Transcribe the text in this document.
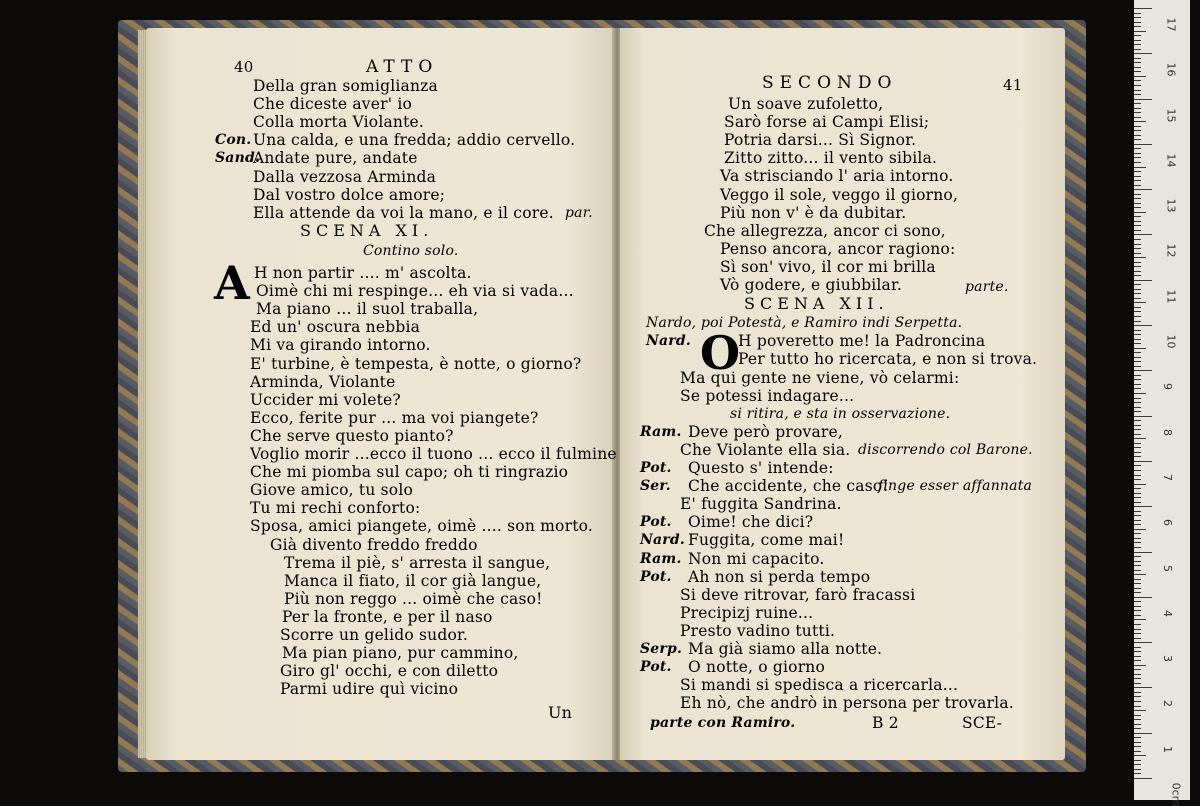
40	ATTO
Della gran somiglianza
Che diceste aver' io
Colla morta Violante.
Con. Una calda, e una fredda; addio cervello.
Sand.
Andate pure, andate
Dalla vezzosa Arminda
Dal vostro dolce amore;
Ella attende da voi la mano, e il core. par.
SCENA XI.
Contino solo.
A H non partir .... m' ascolta.
Oimè chi mi respinge... eh via si vada...
Ma piano ... il suol traballa,
Ed un' oscura nebbia
Mi va girando intorno.
E' turbine, è tempesta, è notte, o giorno?
Arminda, Violante
Uccider mi volete?
Ecco, ferite pur ... ma voi piangete?
Che serve questo pianto?
Voglio morir ...ecco il tuono ... ecco il fulmine
Che mi piomba sul capo; oh ti ringrazio
Giove amico, tu solo
Tu mi rechi conforto:
Sposa, amici piangete, oimè .... son morto.
Già divento freddo freddo
Trema il piè, s' arresta il sangue,
Manca il fiato, il cor già langue,
Più non reggo ... oimè che caso!
Per la fronte, e per il naso
Scorre un gelido sudor.
Ma pian piano, pur cammino,
Giro gl' occhi, e con diletto
Parmi udire quì vicino
Un
SECONDO	41
Un soave zufoletto,
Sarò forse ai Campi Elisi;
Potria darsi... Sì Signor.
Zitto zitto... il vento sibila.
Va strisciando l' aria intorno.
Veggo il sole, veggo il giorno,
Più non v' è da dubitar.
Che allegrezza, ancor ci sono,
Penso ancora, ancor ragiono:
Sì son' vivo, il cor mi brilla
Vò godere, e giubbilar.	parte.
SCENA XII.
Nardo, poi Potestà, e Ramiro indi Serpetta.
Nard. O
H poveretto me! la Padroncina
Per tutto ho ricercata, e non si trova.
Ma qui gente ne viene, vò celarmi:
Se potessi indagare...
si ritira, e sta in osservazione.
Ram. Deve però provare,
Che Violante ella sia. discorrendo col Barone.
Pot. Questo s' intende:
Ser. Che accidente, che caso!
finge esser affannata
E' fuggita Sandrina.
Pot. Oime! che dici?
Nard. Fuggita, come mai!
Ram. Non mi capacito.
Pot. Ah non si perda tempo
Si deve ritrovar, farò fracassi
Precipizj ruine...
Presto vadino tutti.
Serp. Ma già siamo alla notte.
Pot. O notte, o giorno
Si mandi si spedisca a ricercarla...
Eh nò, che andrò in persona per trovarla.
parte con Ramiro.	B 2	SCE-
17
16
15
14
13
12
11
10
9
8
7
6
5
4
3
2
1
0cm
